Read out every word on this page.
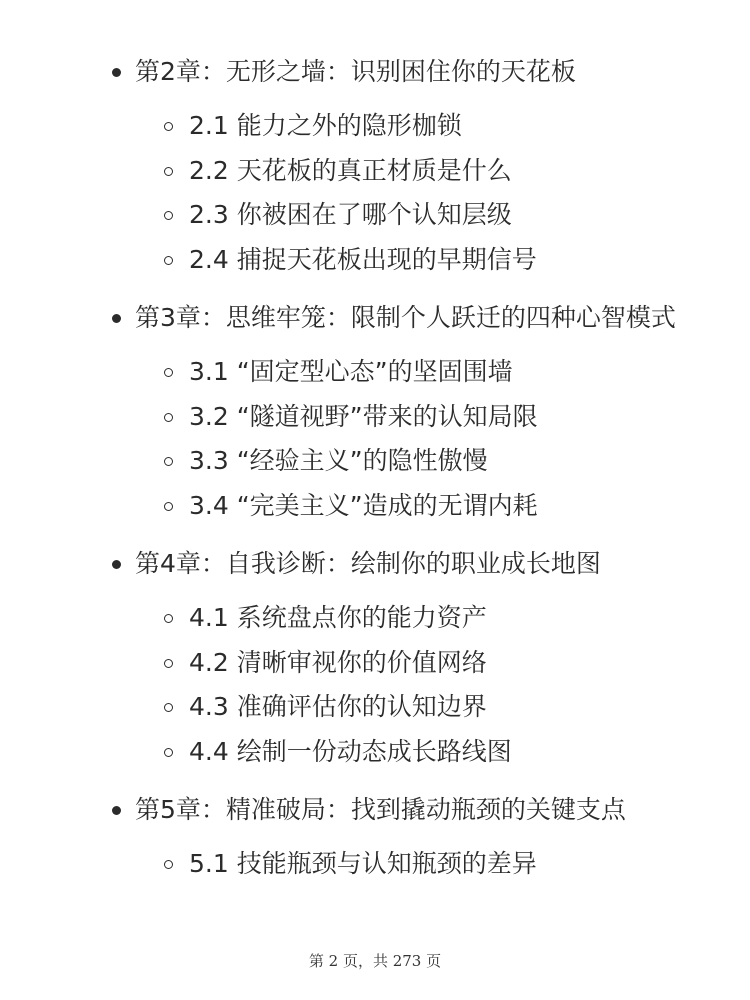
第2章：无形之墙：识别困住你的天花板
2.1 能力之外的隐形枷锁
2.2 天花板的真正材质是什么
2.3 你被困在了哪个认知层级
2.4 捕捉天花板出现的早期信号
第3章：思维牢笼：限制个人跃迁的四种心智模式
3.1 “固定型心态”的坚固围墙
3.2 “隧道视野”带来的认知局限
3.3 “经验主义”的隐性傲慢
3.4 “完美主义”造成的无谓内耗
第4章：自我诊断：绘制你的职业成长地图
4.1 系统盘点你的能力资产
4.2 清晰审视你的价值网络
4.3 准确评估你的认知边界
4.4 绘制一份动态成长路线图
第5章：精准破局：找到撬动瓶颈的关键支点
5.1 技能瓶颈与认知瓶颈的差异
第 2 页，共 273 页
